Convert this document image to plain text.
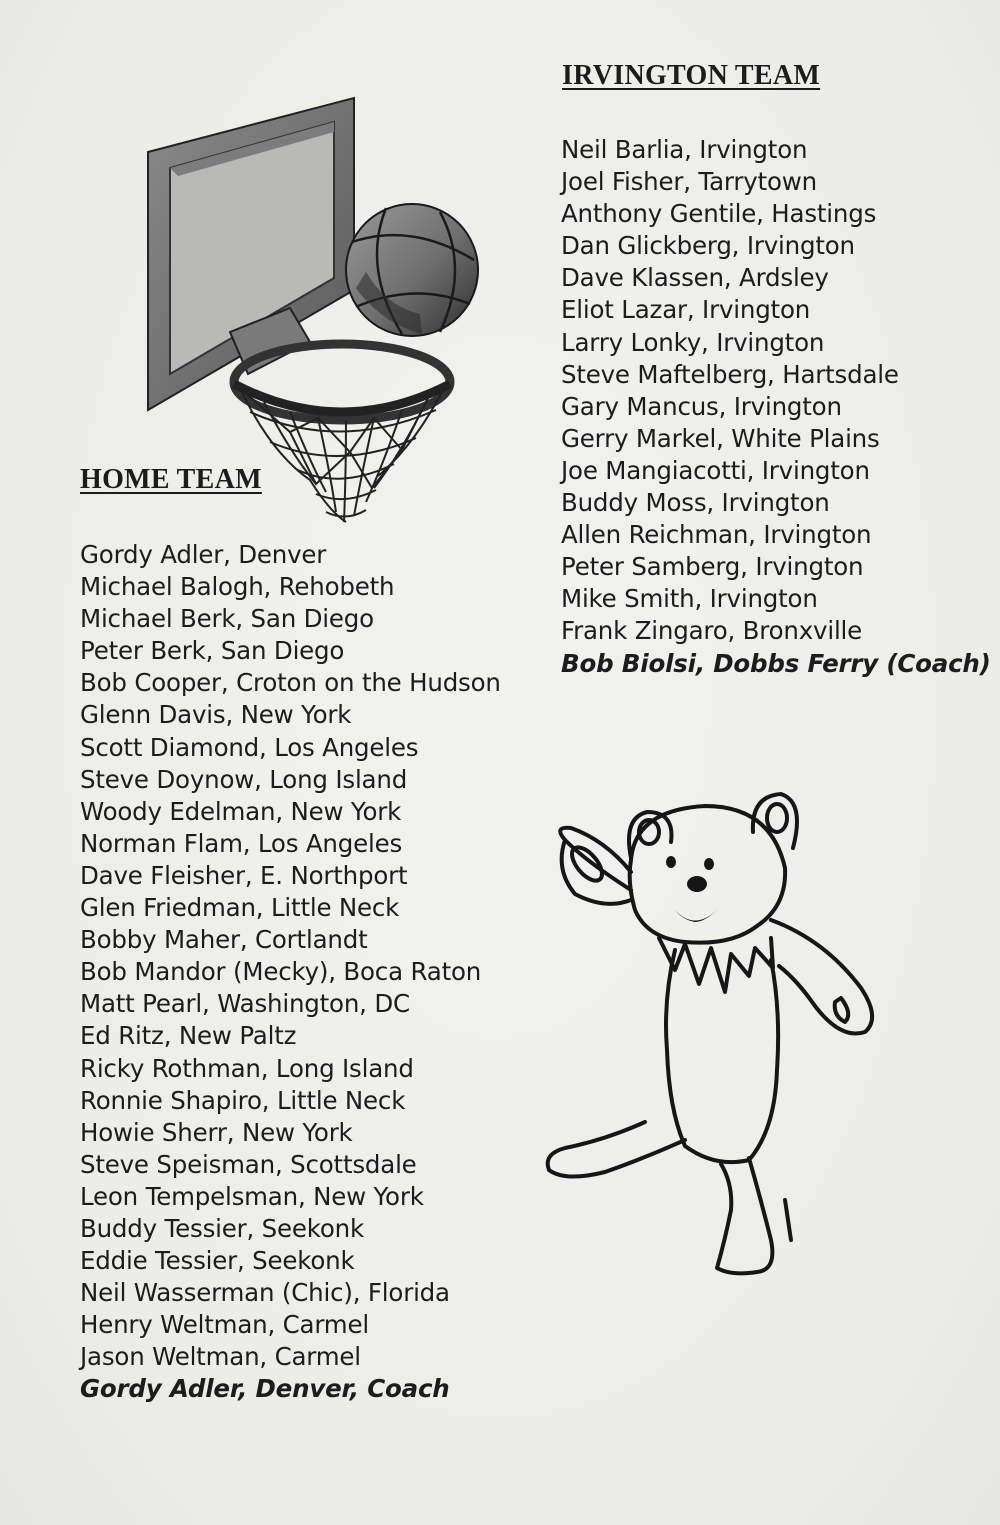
IRVINGTON TEAM
Neil Barlia, Irvington
Joel Fisher, Tarrytown
Anthony Gentile, Hastings
Dan Glickberg, Irvington
Dave Klassen, Ardsley
Eliot Lazar, Irvington
Larry Lonky, Irvington
Steve Maftelberg, Hartsdale
Gary Mancus, Irvington
Gerry Markel, White Plains
Joe Mangiacotti, Irvington
Buddy Moss, Irvington
Allen Reichman, Irvington
Peter Samberg, Irvington
Mike Smith, Irvington
Frank Zingaro, Bronxville
Bob Biolsi, Dobbs Ferry (Coach)
HOME TEAM
Gordy Adler, Denver
Michael Balogh, Rehobeth
Michael Berk, San Diego
Peter Berk, San Diego
Bob Cooper, Croton on the Hudson
Glenn Davis, New York
Scott Diamond, Los Angeles
Steve Doynow, Long Island
Woody Edelman, New York
Norman Flam, Los Angeles
Dave Fleisher, E. Northport
Glen Friedman, Little Neck
Bobby Maher, Cortlandt
Bob Mandor (Mecky), Boca Raton
Matt Pearl, Washington, DC
Ed Ritz, New Paltz
Ricky Rothman, Long Island
Ronnie Shapiro, Little Neck
Howie Sherr, New York
Steve Speisman, Scottsdale
Leon Tempelsman, New York
Buddy Tessier, Seekonk
Eddie Tessier, Seekonk
Neil Wasserman (Chic), Florida
Henry Weltman, Carmel
Jason Weltman, Carmel
Gordy Adler, Denver, Coach
